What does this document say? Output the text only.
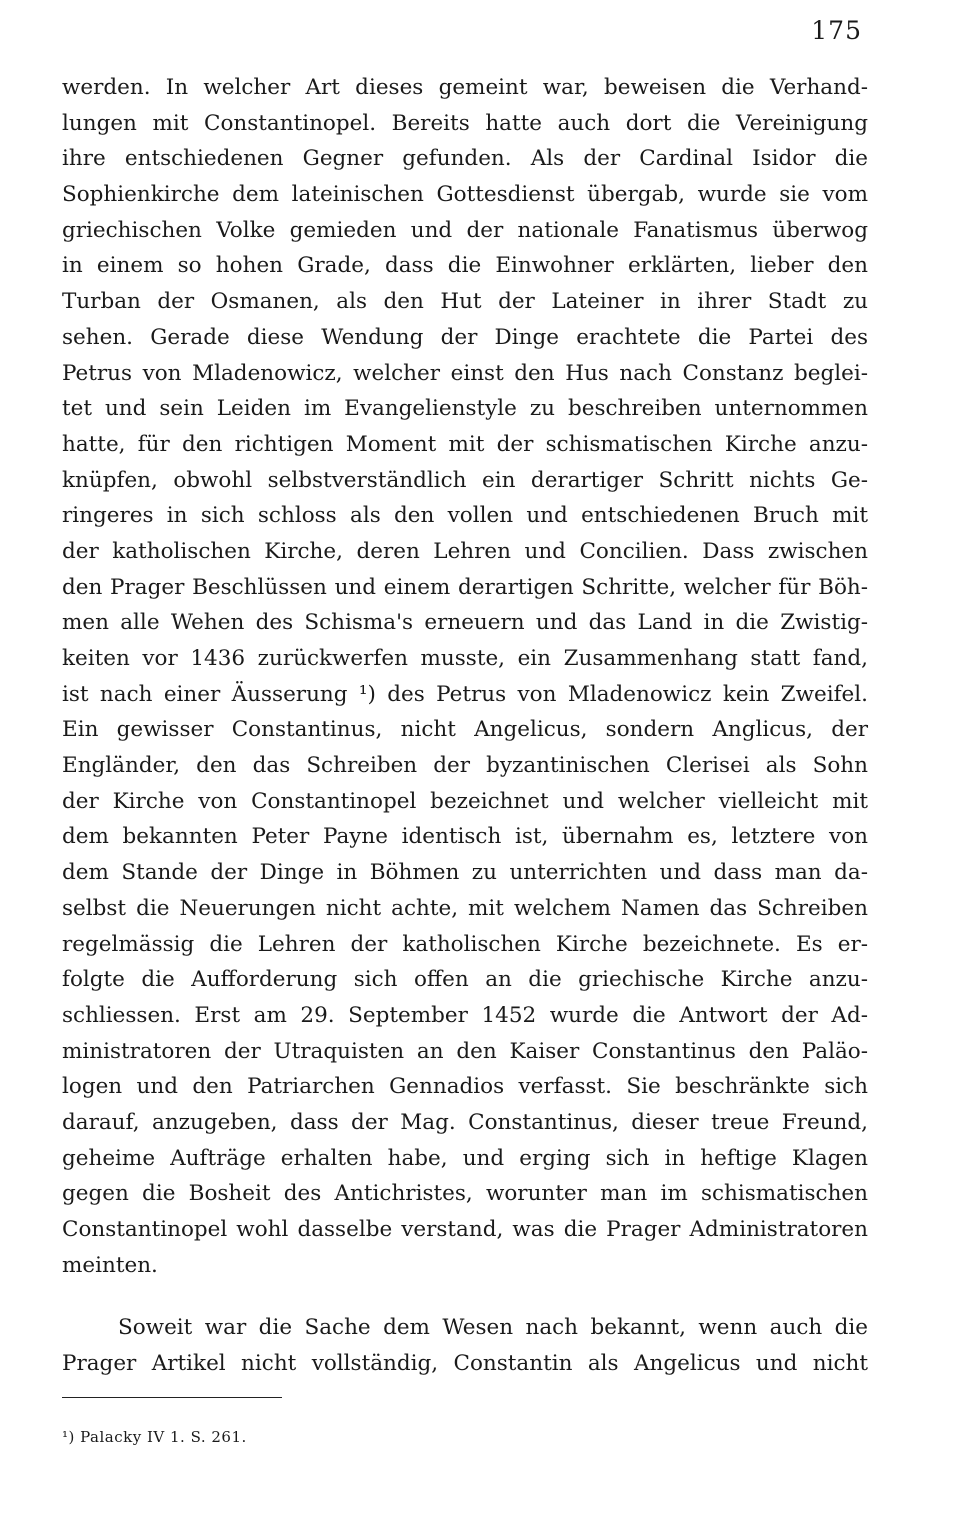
175
werden. In welcher Art dieses gemeint war, beweisen die Verhand-
lungen mit Constantinopel. Bereits hatte auch dort die Vereinigung
ihre entschiedenen Gegner gefunden. Als der Cardinal Isidor die
Sophienkirche dem lateinischen Gottesdienst übergab, wurde sie vom
griechischen Volke gemieden und der nationale Fanatismus überwog
in einem so hohen Grade, dass die Einwohner erklärten, lieber den
Turban der Osmanen, als den Hut der Lateiner in ihrer Stadt zu
sehen. Gerade diese Wendung der Dinge erachtete die Partei des
Petrus von Mladenowicz, welcher einst den Hus nach Constanz beglei-
tet und sein Leiden im Evangelienstyle zu beschreiben unternommen
hatte, für den richtigen Moment mit der schismatischen Kirche anzu-
knüpfen, obwohl selbstverständlich ein derartiger Schritt nichts Ge-
ringeres in sich schloss als den vollen und entschiedenen Bruch mit
der katholischen Kirche, deren Lehren und Concilien. Dass zwischen
den Prager Beschlüssen und einem derartigen Schritte, welcher für Böh-
men alle Wehen des Schisma's erneuern und das Land in die Zwistig-
keiten vor 1436 zurückwerfen musste, ein Zusammenhang statt fand,
ist nach einer Äusserung ¹) des Petrus von Mladenowicz kein Zweifel.
Ein gewisser Constantinus, nicht Angelicus, sondern Anglicus, der
Engländer, den das Schreiben der byzantinischen Clerisei als Sohn
der Kirche von Constantinopel bezeichnet und welcher vielleicht mit
dem bekannten Peter Payne identisch ist, übernahm es, letztere von
dem Stande der Dinge in Böhmen zu unterrichten und dass man da-
selbst die Neuerungen nicht achte, mit welchem Namen das Schreiben
regelmässig die Lehren der katholischen Kirche bezeichnete. Es er-
folgte die Aufforderung sich offen an die griechische Kirche anzu-
schliessen. Erst am 29. September 1452 wurde die Antwort der Ad-
ministratoren der Utraquisten an den Kaiser Constantinus den Paläo-
logen und den Patriarchen Gennadios verfasst. Sie beschränkte sich
darauf, anzugeben, dass der Mag. Constantinus, dieser treue Freund,
geheime Aufträge erhalten habe, und erging sich in heftige Klagen
gegen die Bosheit des Antichristes, worunter man im schismatischen
Constantinopel wohl dasselbe verstand, was die Prager Administratoren
meinten.
Soweit war die Sache dem Wesen nach bekannt, wenn auch die
Prager Artikel nicht vollständig, Constantin als Angelicus und nicht
¹) Palacky IV 1. S. 261.
